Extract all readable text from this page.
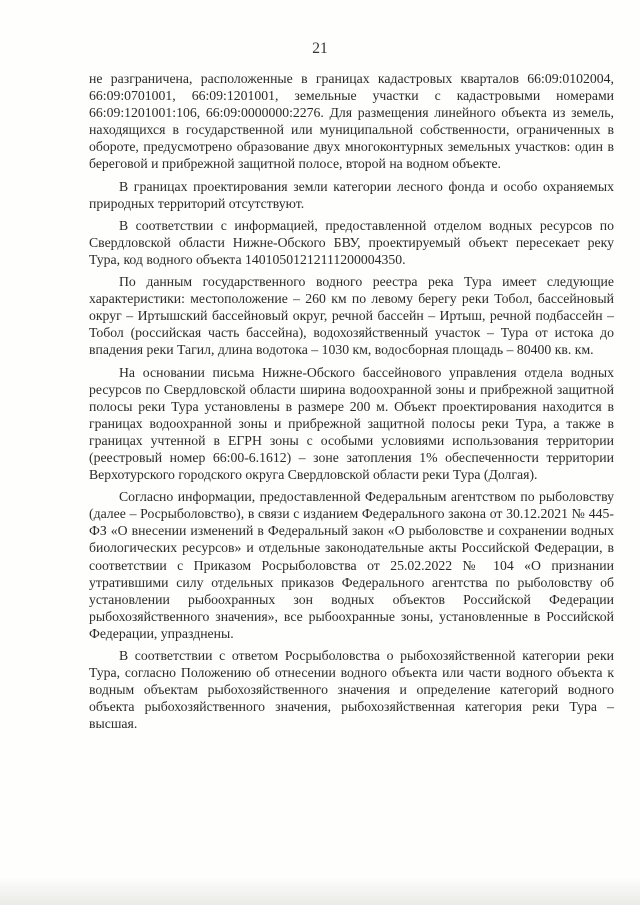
21

не разграничена, расположенные в границах кадастровых кварталов 66:09:0102004, 66:09:0701001, 66:09:1201001, земельные участки с кадастровыми номерами 66:09:1201001:106, 66:09:0000000:2276. Для размещения линейного объекта из земель, находящихся в государственной или муниципальной собственности, ограниченных в обороте, предусмотрено образование двух многоконтурных земельных участков: один в береговой и прибрежной защитной полосе, второй на водном объекте.

В границах проектирования земли категории лесного фонда и особо охраняемых природных территорий отсутствуют.

В соответствии с информацией, предоставленной отделом водных ресурсов по Свердловской области Нижне-Обского БВУ, проектируемый объект пересекает реку Тура, код водного объекта 14010501212111200004350.

По данным государственного водного реестра река Тура имеет следующие характеристики: местоположение – 260 км по левому берегу реки Тобол, бассейновый округ – Иртышский бассейновый округ, речной бассейн – Иртыш, речной подбассейн – Тобол (российская часть бассейна), водохозяйственный участок – Тура от истока до впадения реки Тагил, длина водотока – 1030 км, водосборная площадь – 80400 кв. км.

На основании письма Нижне-Обского бассейнового управления отдела водных ресурсов по Свердловской области ширина водоохранной зоны и прибрежной защитной полосы реки Тура установлены в размере 200 м. Объект проектирования находится в границах водоохранной зоны и прибрежной защитной полосы реки Тура, а также в границах учтенной в ЕГРН зоны с особыми условиями использования территории (реестровый номер 66:00-6.1612) – зоне затопления 1% обеспеченности территории Верхотурского городского округа Свердловской области реки Тура (Долгая).

Согласно информации, предоставленной Федеральным агентством по рыболовству (далее – Росрыболовство), в связи с изданием Федерального закона от 30.12.2021 № 445-ФЗ «О внесении изменений в Федеральный закон «О рыболовстве и сохранении водных биологических ресурсов» и отдельные законодательные акты Российской Федерации, в соответствии с Приказом Росрыболовства от 25.02.2022 № 104 «О признании утратившими силу отдельных приказов Федерального агентства по рыболовству об установлении рыбоохранных зон водных объектов Российской Федерации рыбохозяйственного значения», все рыбоохранные зоны, установленные в Российской Федерации, упразднены.

В соответствии с ответом Росрыболовства о рыбохозяйственной категории реки Тура, согласно Положению об отнесении водного объекта или части водного объекта к водным объектам рыбохозяйственного значения и определение категорий водного объекта рыбохозяйственного значения, рыбохозяйственная категория реки Тура – высшая.
